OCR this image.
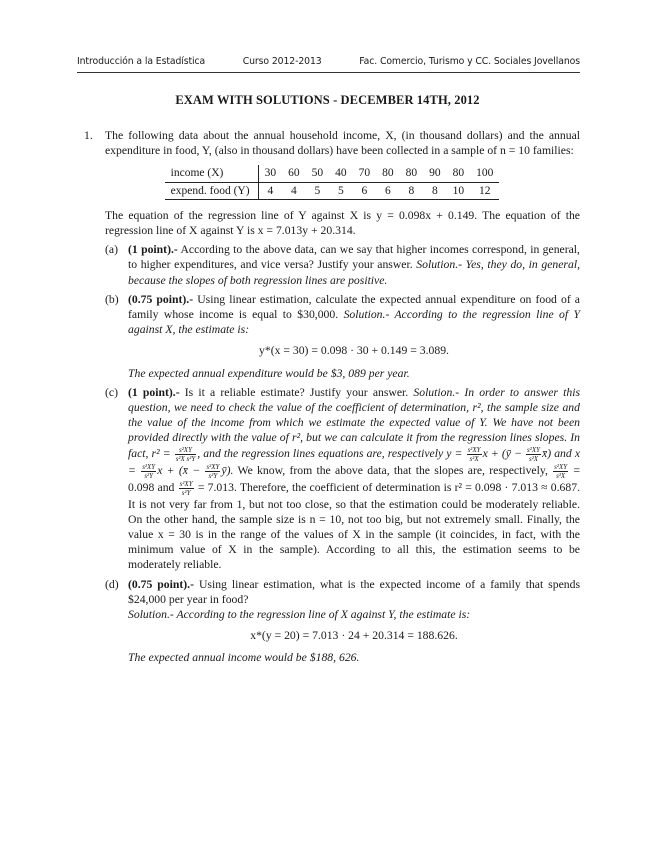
Introducción a la Estadística	Curso 2012-2013	Fac. Comercio, Turismo y CC. Sociales Jovellanos
EXAM WITH SOLUTIONS - DECEMBER 14TH, 2012
1. The following data about the annual household income, X, (in thousand dollars) and the annual expenditure in food, Y, (also in thousand dollars) have been collected in a sample of n = 10 families:

income (X)	30	60	50	40	70	80	80	90	80	100
expend. food (Y)	4	4	5	5	6	6	8	8	10	12

The equation of the regression line of Y against X is y = 0.098x + 0.149. The equation of the regression line of X against Y is x = 7.013y + 20.314.

(a) (1 point).- According to the above data, can we say that higher incomes correspond, in general, to higher expenditures, and vice versa? Justify your answer. Solution.- Yes, they do, in general, because the slopes of both regression lines are positive.

(b) (0.75 point).- Using linear estimation, calculate the expected annual expenditure on food of a family whose income is equal to $30,000. Solution.- According to the regression line of Y against X, the estimate is:

y*(x = 30) = 0.098 · 30 + 0.149 = 3.089.

The expected annual expenditure would be $3, 089 per year.

(c) (1 point).- Is it a reliable estimate? Justify your answer. Solution.- In order to answer this question, we need to check the value of the coefficient of determination, r², the sample size and the value of the income from which we estimate the expected value of Y. We have not been provided directly with the value of r², but we can calculate it from the regression lines slopes. In fact, $r^2 = \frac{\text{s²XY}}{\text{s²X s²Y}}$ , and the regression lines equations are, respectively $y = \frac{\text{s²XY}}{\text{s²X}}$ x + (ȳ − $\frac{\text{s²XY}}{\text{s²X}}$ x̄) and $x = \frac{\text{s²XY}}{\text{s²Y}}$ x + (x̄ − $\frac{\text{s²XY}}{\text{s²Y}}$ ȳ). We know, from the above data, that the slopes are, respectively, $\frac{\text{s²XY}}{\text{s²X}} = 0.098$ and $\frac{\text{s²XY}}{\text{s²Y}} = 7.013$. Therefore, the coefficient of determination is r² = 0.098 · 7.013 ≈ 0.687. It is not very far from 1, but not too close, so that the estimation could be moderately reliable. On the other hand, the sample size is n = 10, not too big, but not extremely small. Finally, the value x = 30 is in the range of the values of X in the sample (it coincides, in fact, with the minimum value of X in the sample). According to all this, the estimation seems to be moderately reliable.

(d) (0.75 point).- Using linear estimation, what is the expected income of a family that spends $24,000 per year in food?
Solution.- According to the regression line of X against Y, the estimate is:

x*(y = 20) = 7.013 · 24 + 20.314 = 188.626.

The expected annual income would be $188, 626.
